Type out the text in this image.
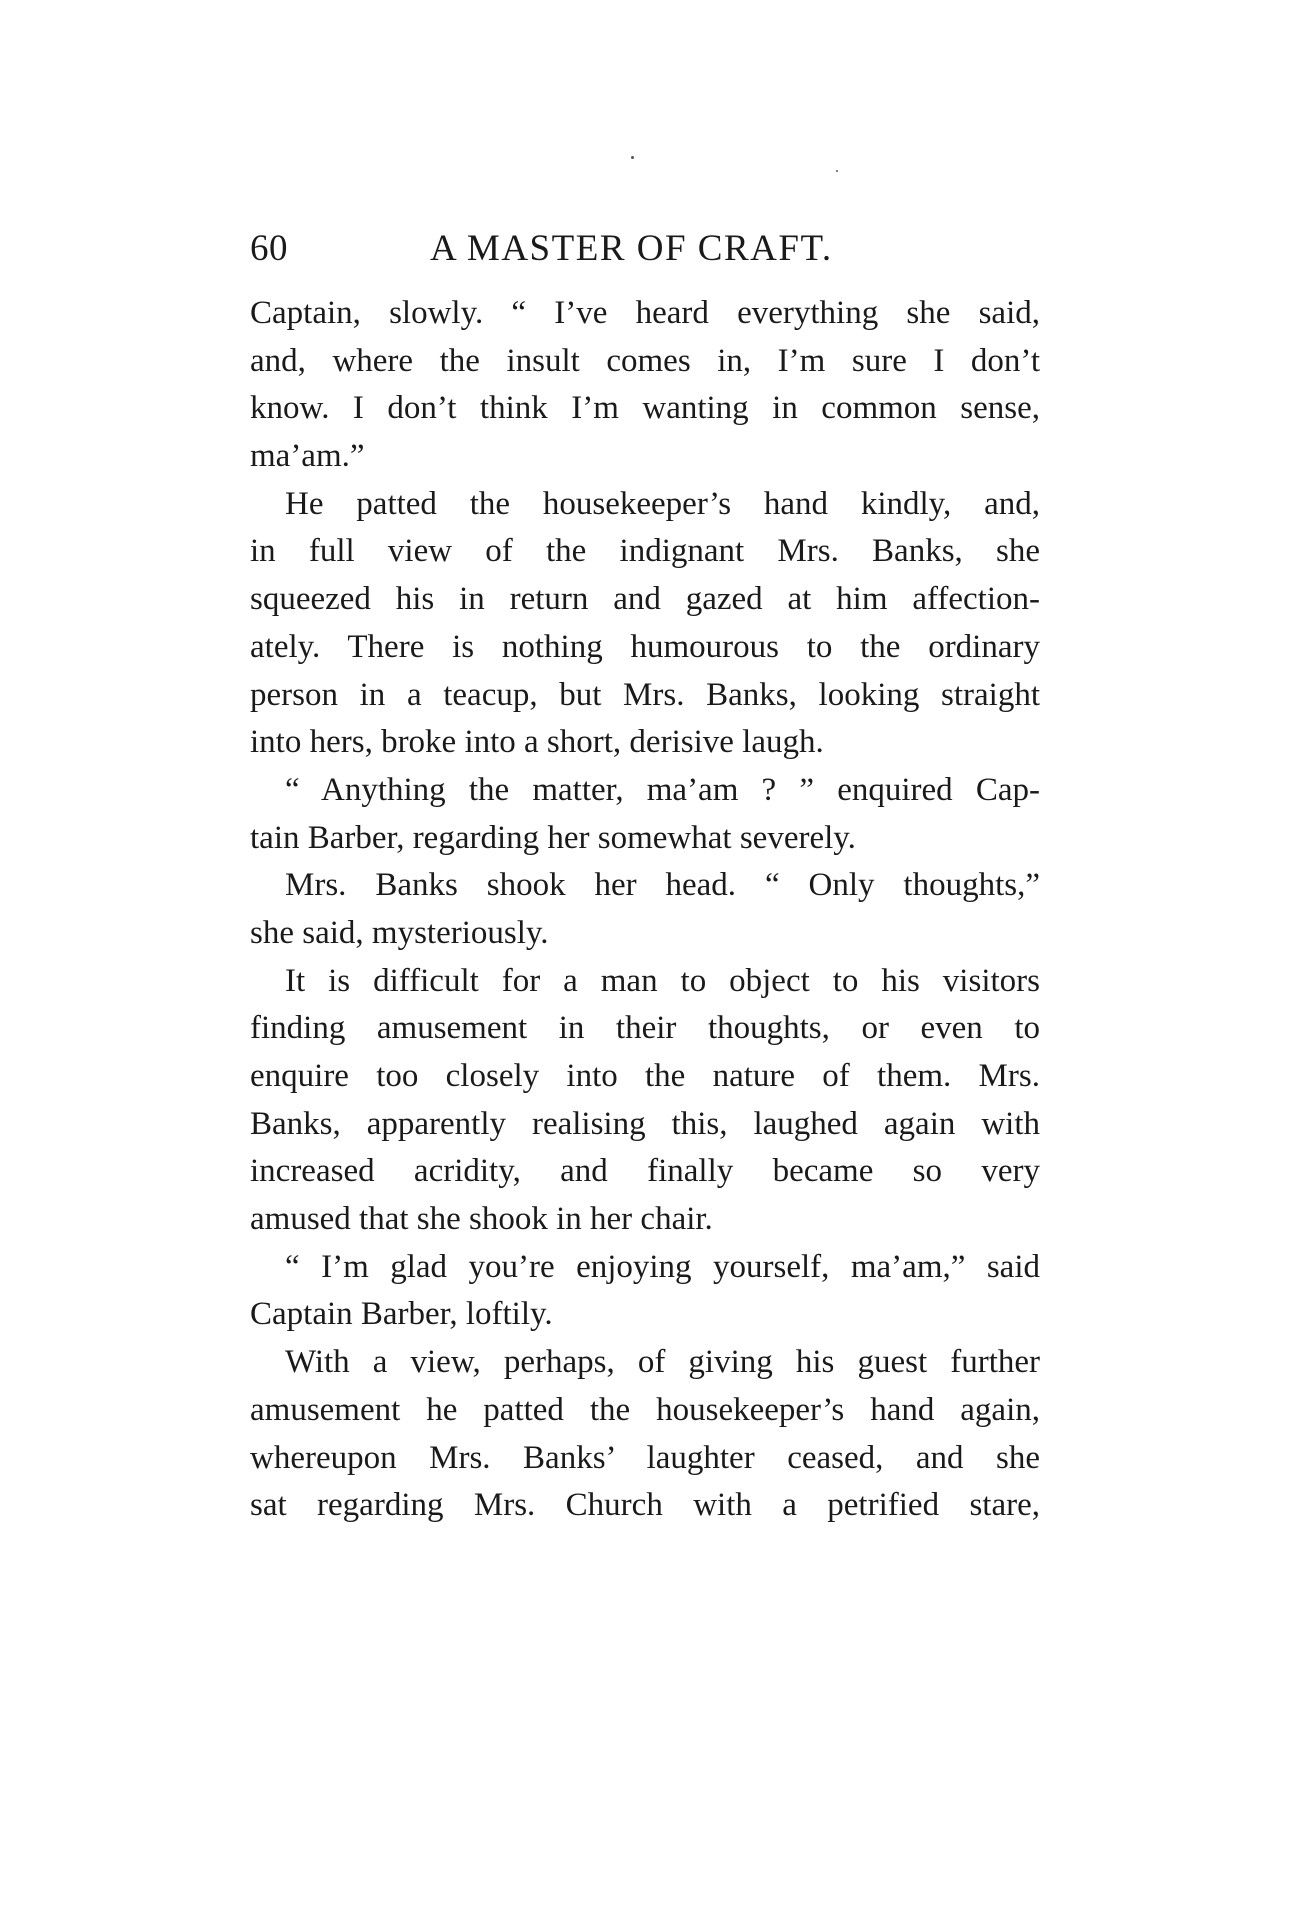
60	A MASTER OF CRAFT.
Captain, slowly. “ I’ve heard everything she said,
and, where the insult comes in, I’m sure I don’t
know. I don’t think I’m wanting in common sense,
ma’am.”
He patted the housekeeper’s hand kindly, and,
in full view of the indignant Mrs. Banks, she
squeezed his in return and gazed at him affection-
ately. There is nothing humourous to the ordinary
person in a teacup, but Mrs. Banks, looking straight
into hers, broke into a short, derisive laugh.
“ Anything the matter, ma’am ? ” enquired Cap-
tain Barber, regarding her somewhat severely.
Mrs. Banks shook her head. “ Only thoughts,”
she said, mysteriously.
It is difficult for a man to object to his visitors
finding amusement in their thoughts, or even to
enquire too closely into the nature of them. Mrs.
Banks, apparently realising this, laughed again with
increased acridity, and finally became so very
amused that she shook in her chair.
“ I’m glad you’re enjoying yourself, ma’am,” said
Captain Barber, loftily.
With a view, perhaps, of giving his guest further
amusement he patted the housekeeper’s hand again,
whereupon Mrs. Banks’ laughter ceased, and she
sat regarding Mrs. Church with a petrified stare,
